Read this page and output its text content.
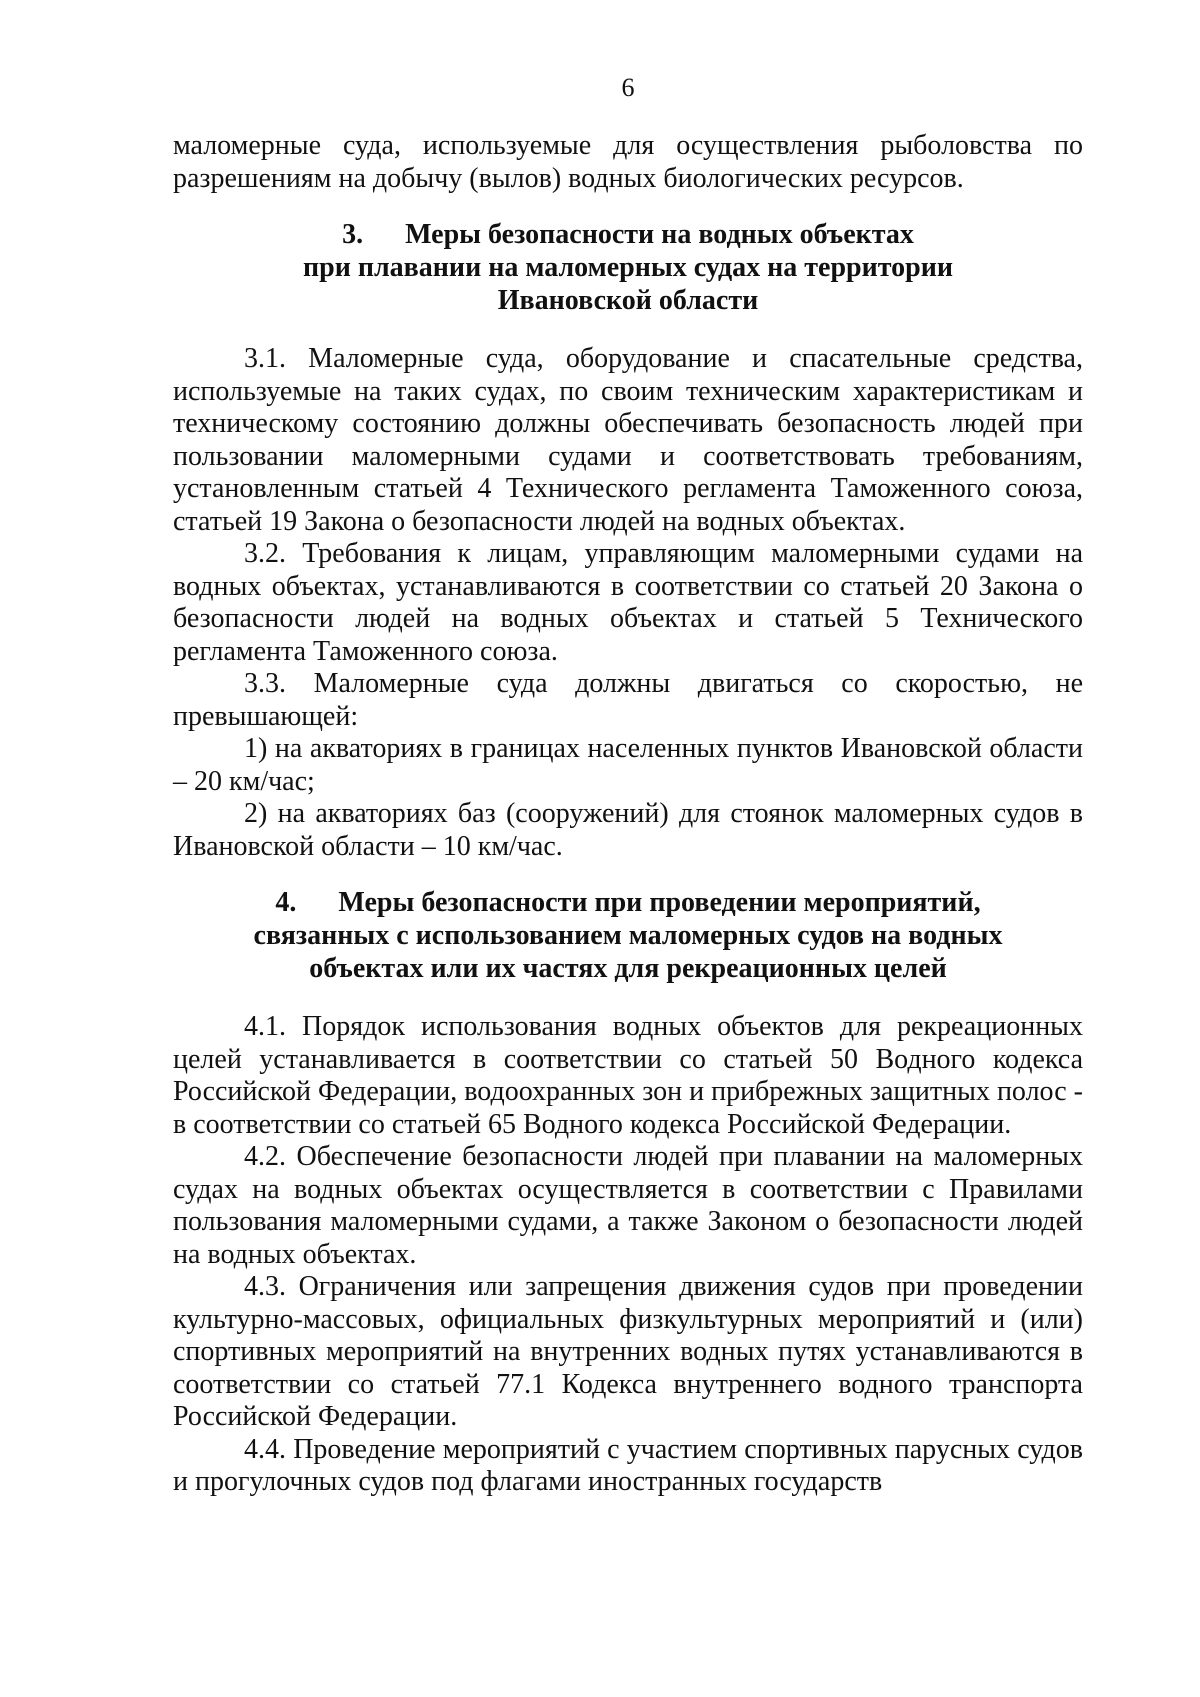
6

маломерные суда, используемые для осуществления рыболовства по разрешениям на добычу (вылов) водных биологических ресурсов.

3. Меры безопасности на водных объектах
при плавании на маломерных судах на территории
Ивановской области

3.1. Маломерные суда, оборудование и спасательные средства, используемые на таких судах, по своим техническим характеристикам и техническому состоянию должны обеспечивать безопасность людей при пользовании маломерными судами и соответствовать требованиям, установленным статьей 4 Технического регламента Таможенного союза, статьей 19 Закона о безопасности людей на водных объектах.

3.2. Требования к лицам, управляющим маломерными судами на водных объектах, устанавливаются в соответствии со статьей 20 Закона о безопасности людей на водных объектах и статьей 5 Технического регламента Таможенного союза.

3.3. Маломерные суда должны двигаться со скоростью, не превышающей:

1) на акваториях в границах населенных пунктов Ивановской области – 20 км/час;

2) на акваториях баз (сооружений) для стоянок маломерных судов в Ивановской области – 10 км/час.

4. Меры безопасности при проведении мероприятий,
связанных с использованием маломерных судов на водных
объектах или их частях для рекреационных целей

4.1. Порядок использования водных объектов для рекреационных целей устанавливается в соответствии со статьей 50 Водного кодекса Российской Федерации, водоохранных зон и прибрежных защитных полос - в соответствии со статьей 65 Водного кодекса Российской Федерации.

4.2. Обеспечение безопасности людей при плавании на маломерных судах на водных объектах осуществляется в соответствии с Правилами пользования маломерными судами, а также Законом о безопасности людей на водных объектах.

4.3. Ограничения или запрещения движения судов при проведении культурно-массовых, официальных физкультурных мероприятий и (или) спортивных мероприятий на внутренних водных путях устанавливаются в соответствии со статьей 77.1 Кодекса внутреннего водного транспорта Российской Федерации.

4.4. Проведение мероприятий с участием спортивных парусных судов и прогулочных судов под флагами иностранных государств
